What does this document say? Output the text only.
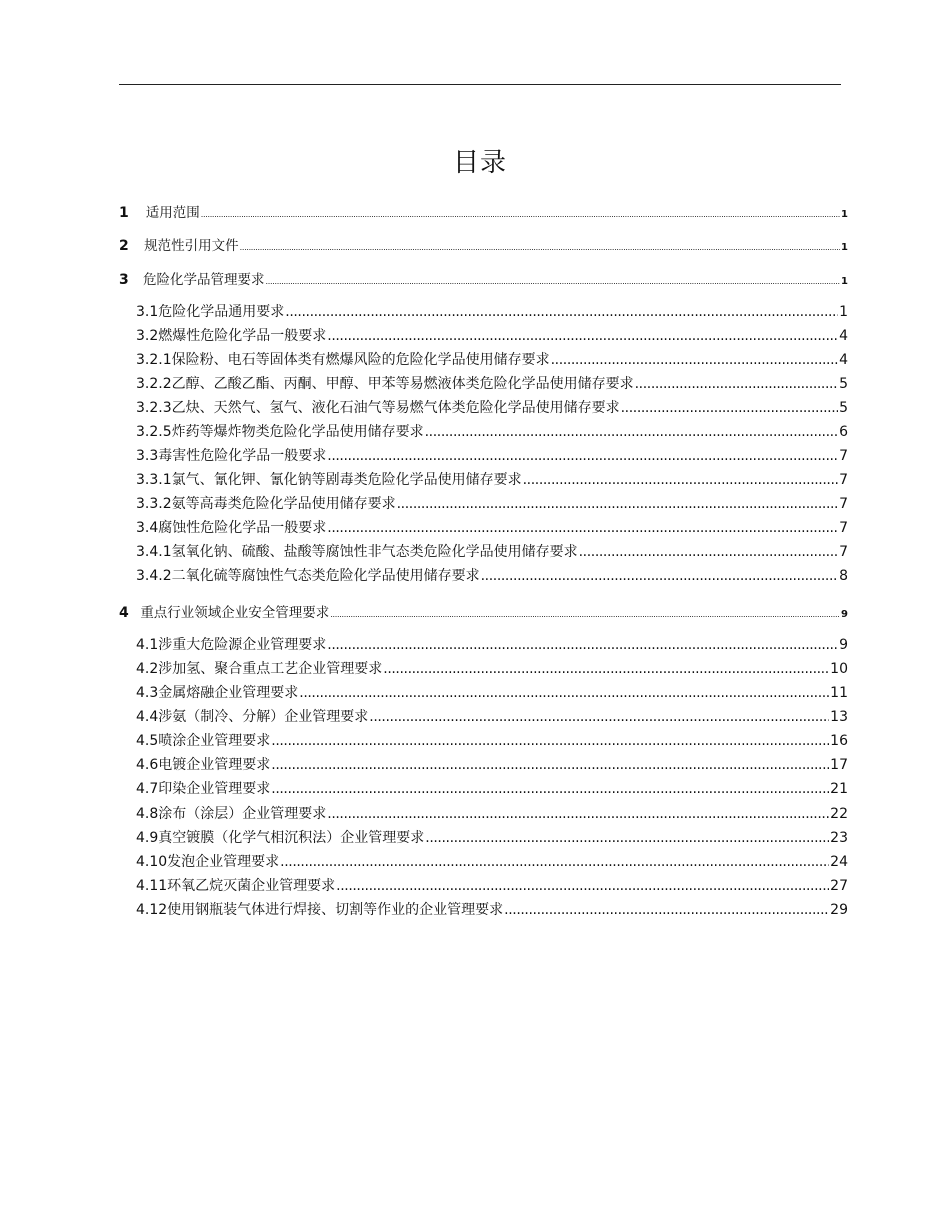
目录
1	适用范围 .....	1
2	规范性引用文件 .....	1
3	危险化学品管理要求 .....	1
3.1 危险化学品通用要求 .....	1
3.2 燃爆性危险化学品一般要求 .....	4
3.2.1 保险粉、电石等固体类有燃爆风险的危险化学品使用储存要求 .....	4
3.2.2 乙醇、乙酸乙酯、丙酮、甲醇、甲苯等易燃液体类危险化学品使用储存要求 .....	5
3.2.3 乙炔、天然气、氢气、液化石油气等易燃气体类危险化学品使用储存要求 .....	5
3.2.5 炸药等爆炸物类危险化学品使用储存要求 .....	6
3.3 毒害性危险化学品一般要求 .....	7
3.3.1 氯气、氰化钾、氰化钠等剧毒类危险化学品使用储存要求 .....	7
3.3.2 氨等高毒类危险化学品使用储存要求 .....	7
3.4 腐蚀性危险化学品一般要求 .....	7
3.4.1 氢氧化钠、硫酸、盐酸等腐蚀性非气态类危险化学品使用储存要求 .....	7
3.4.2 二氧化硫等腐蚀性气态类危险化学品使用储存要求 .....	8
4 重点行业领域企业安全管理要求 .....	9
4.1 涉重大危险源企业管理要求 .....	9
4.2 涉加氢、聚合重点工艺企业管理要求 .....	10
4.3 金属熔融企业管理要求 .....	11
4.4 涉氨（制冷、分解）企业管理要求 .....	13
4.5 喷涂企业管理要求 .....	16
4.6 电镀企业管理要求 .....	17
4.7 印染企业管理要求 .....	21
4.8 涂布（涂层）企业管理要求 .....	22
4.9 真空镀膜（化学气相沉积法）企业管理要求 .....	23
4.10 发泡企业管理要求 .....	24
4.11 环氧乙烷灭菌企业管理要求 .....	27
4.12 使用钢瓶装气体进行焊接、切割等作业的企业管理要求 .....	29
